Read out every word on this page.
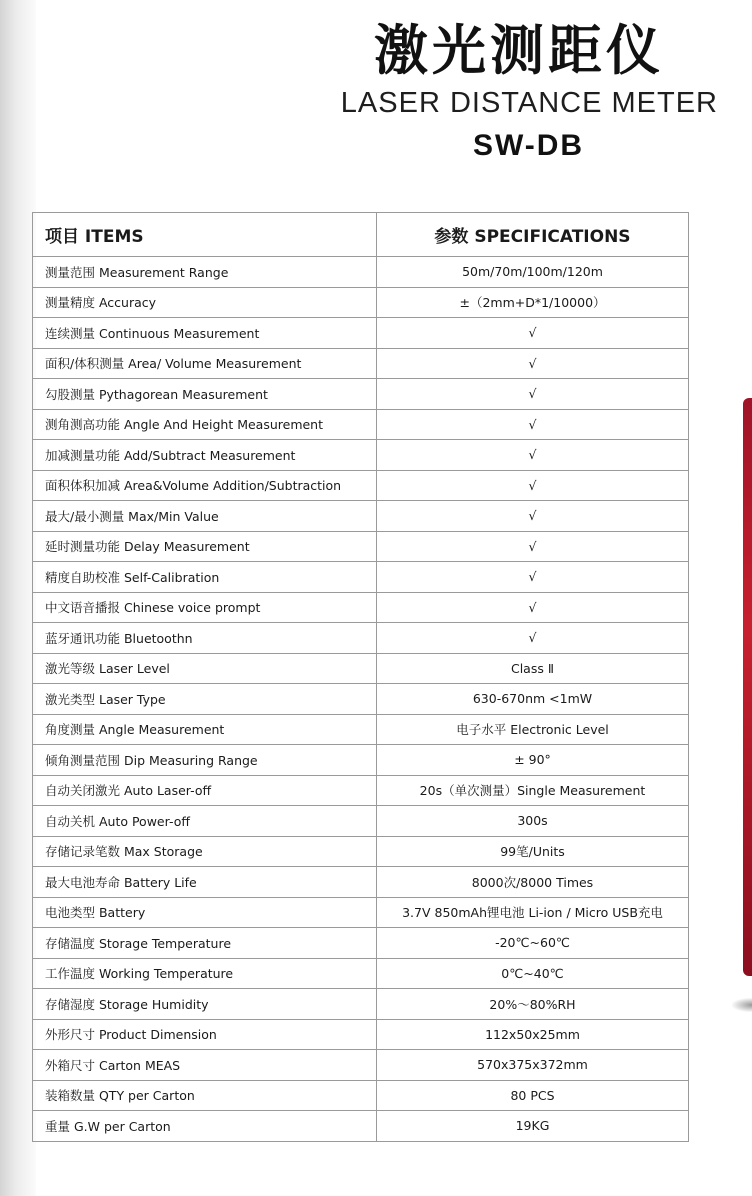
激光测距仪
LASER DISTANCE METER
SW-DB
项目 ITEMS	参数 SPECIFICATIONS
测量范围 Measurement Range	50m/70m/100m/120m
测量精度 Accuracy	±（2mm+D*1/10000）
连续测量 Continuous Measurement	√
面积/体积测量 Area/ Volume Measurement	√
勾股测量 Pythagorean Measurement	√
测角测高功能 Angle And Height Measurement	√
加减测量功能 Add/Subtract Measurement	√
面积体积加减 Area&Volume Addition/Subtraction	√
最大/最小测量 Max/Min Value	√
延时测量功能 Delay Measurement	√
精度自助校准 Self-Calibration	√
中文语音播报 Chinese voice prompt	√
蓝牙通讯功能 Bluetoothn	√
激光等级 Laser Level	Class Ⅱ
激光类型 Laser Type	630-670nm <1mW
角度测量 Angle Measurement	电子水平 Electronic Level
倾角测量范围 Dip Measuring Range	± 90°
自动关闭激光 Auto Laser-off	20s（单次测量）Single Measurement
自动关机 Auto Power-off	300s
存储记录笔数 Max Storage	99笔/Units
最大电池寿命 Battery Life	8000次/8000 Times
电池类型 Battery	3.7V 850mAh锂电池 Li-ion / Micro USB充电
存储温度 Storage Temperature	-20℃~60℃
工作温度 Working Temperature	0℃~40℃
存储湿度 Storage Humidity	20%～80%RH
外形尺寸 Product Dimension	112x50x25mm
外箱尺寸 Carton MEAS	570x375x372mm
装箱数量 QTY per Carton	80 PCS
重量 G.W per Carton	19KG
